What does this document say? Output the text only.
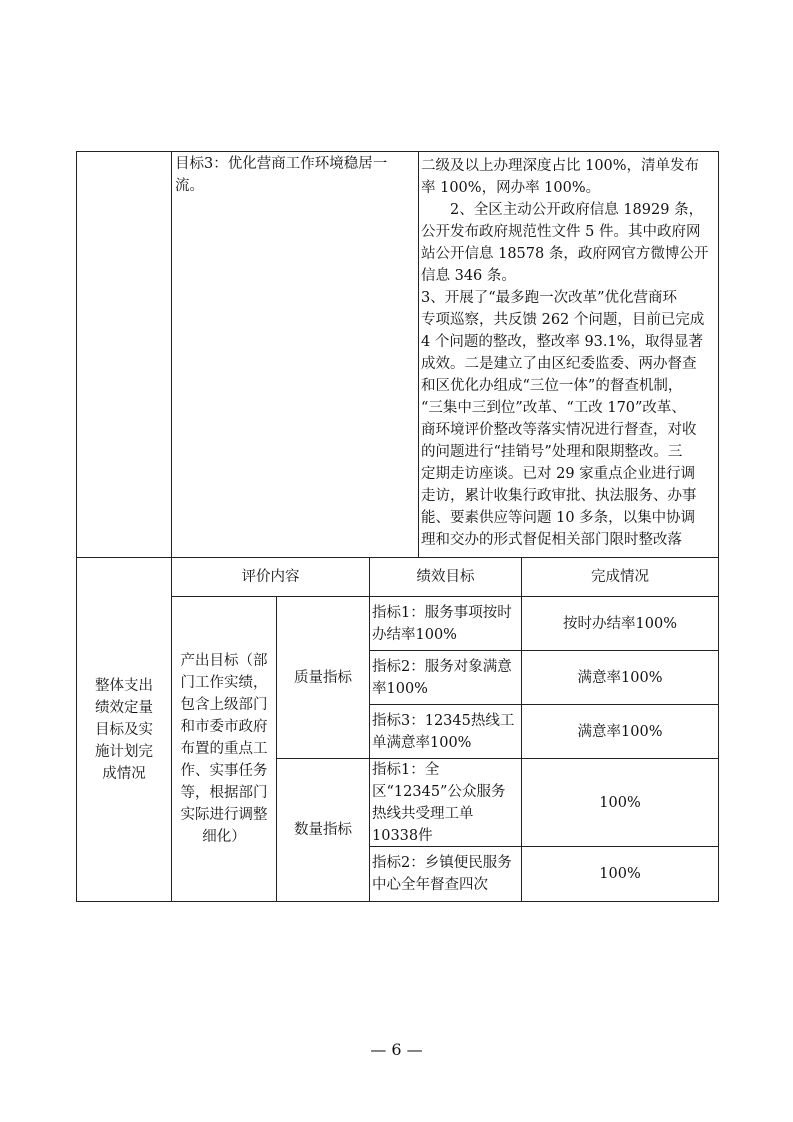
目标3：优化营商工作环境稳居一流。
二级及以上办理深度占比 100%，清单发布
率 100%，网办率 100%。
　　2、全区主动公开政府信息 18929 条，
公开发布政府规范性文件 5 件。其中政府网
站公开信息 18578 条，政府网官方微博公开
信息 346 条。
3、开展了“最多跑一次改革”优化营商环
专项巡察，共反馈 262 个问题，目前已完成
4 个问题的整改，整改率 93.1%，取得显著
成效。二是建立了由区纪委监委、两办督查
和区优化办组成“三位一体”的督查机制，
“三集中三到位”改革、“工改 170”改革、
商环境评价整改等落实情况进行督查，对收
的问题进行“挂销号”处理和限期整改。三
定期走访座谈。已对 29 家重点企业进行调
走访，累计收集行政审批、执法服务、办事
能、要素供应等问题 10 多条，以集中协调
理和交办的形式督促相关部门限时整改落
整体支出绩效定量目标及实施计划完成情况
评价内容	绩效目标	完成情况
产出目标（部门工作实绩，包含上级部门和市委市政府布置的重点工作、实事任务等，根据部门实际进行调整细化）
质量指标
数量指标
指标1：服务事项按时办结率100%
按时办结率100%
指标2：服务对象满意率100%
满意率100%
指标3：12345热线工单满意率100%
满意率100%
指标1：全区“12345”公众服务热线共受理工单10338件
100%
指标2：乡镇便民服务中心全年督查四次
100%
— 6 —
